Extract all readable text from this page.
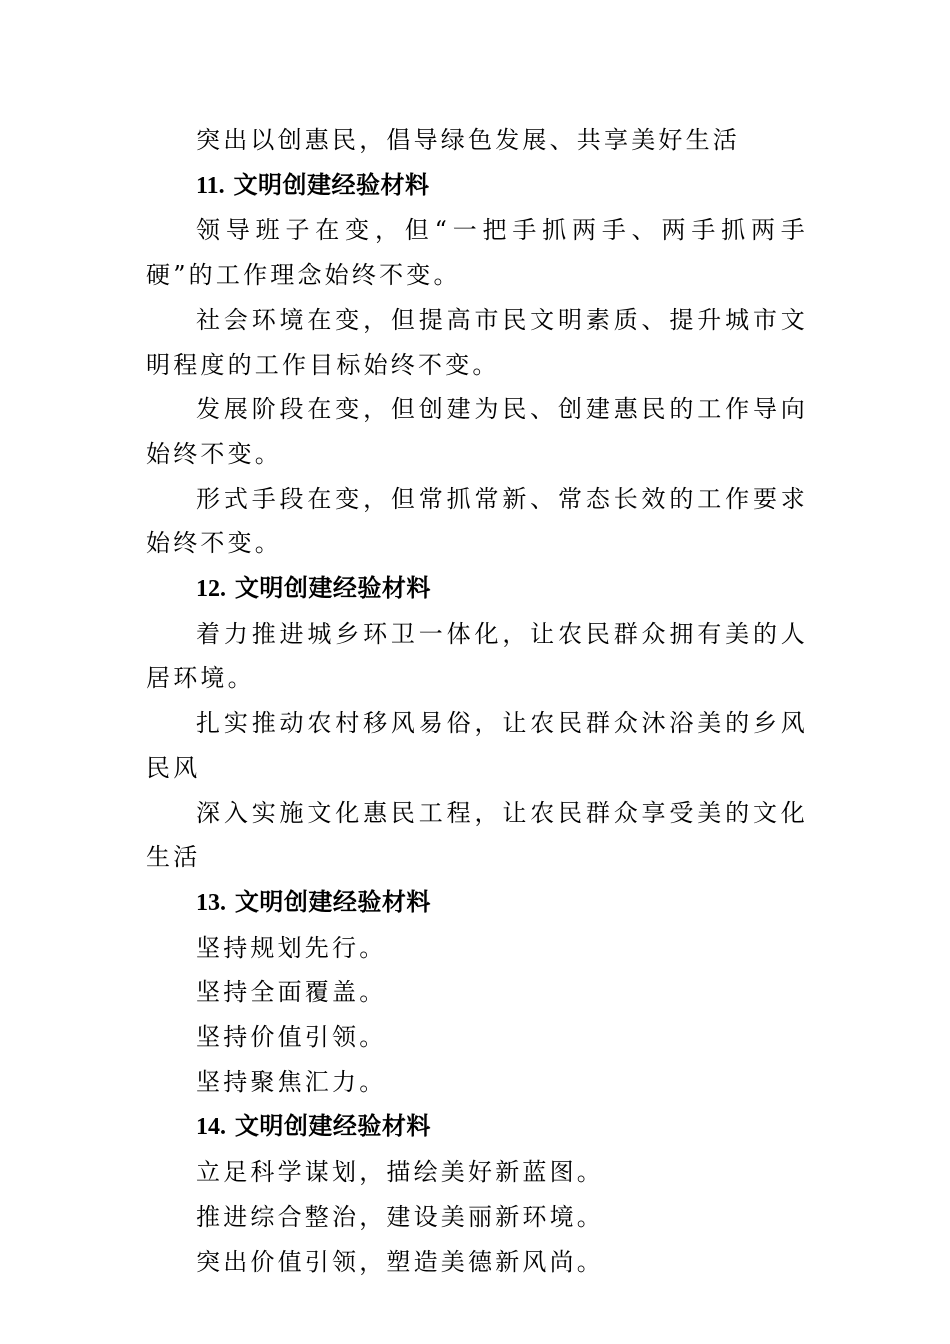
突出以创惠民，倡导绿色发展、共享美好生活

11. 文明创建经验材料

领导班子在变，但“一把手抓两手、两手抓两手硬”的工作理念始终不变。

社会环境在变，但提高市民文明素质、提升城市文明程度的工作目标始终不变。

发展阶段在变，但创建为民、创建惠民的工作导向始终不变。

形式手段在变，但常抓常新、常态长效的工作要求始终不变。

12. 文明创建经验材料

着力推进城乡环卫一体化，让农民群众拥有美的人居环境。

扎实推动农村移风易俗，让农民群众沐浴美的乡风民风

深入实施文化惠民工程，让农民群众享受美的文化生活

13. 文明创建经验材料

坚持规划先行。

坚持全面覆盖。

坚持价值引领。

坚持聚焦汇力。

14. 文明创建经验材料

立足科学谋划，描绘美好新蓝图。

推进综合整治，建设美丽新环境。

突出价值引领，塑造美德新风尚。
